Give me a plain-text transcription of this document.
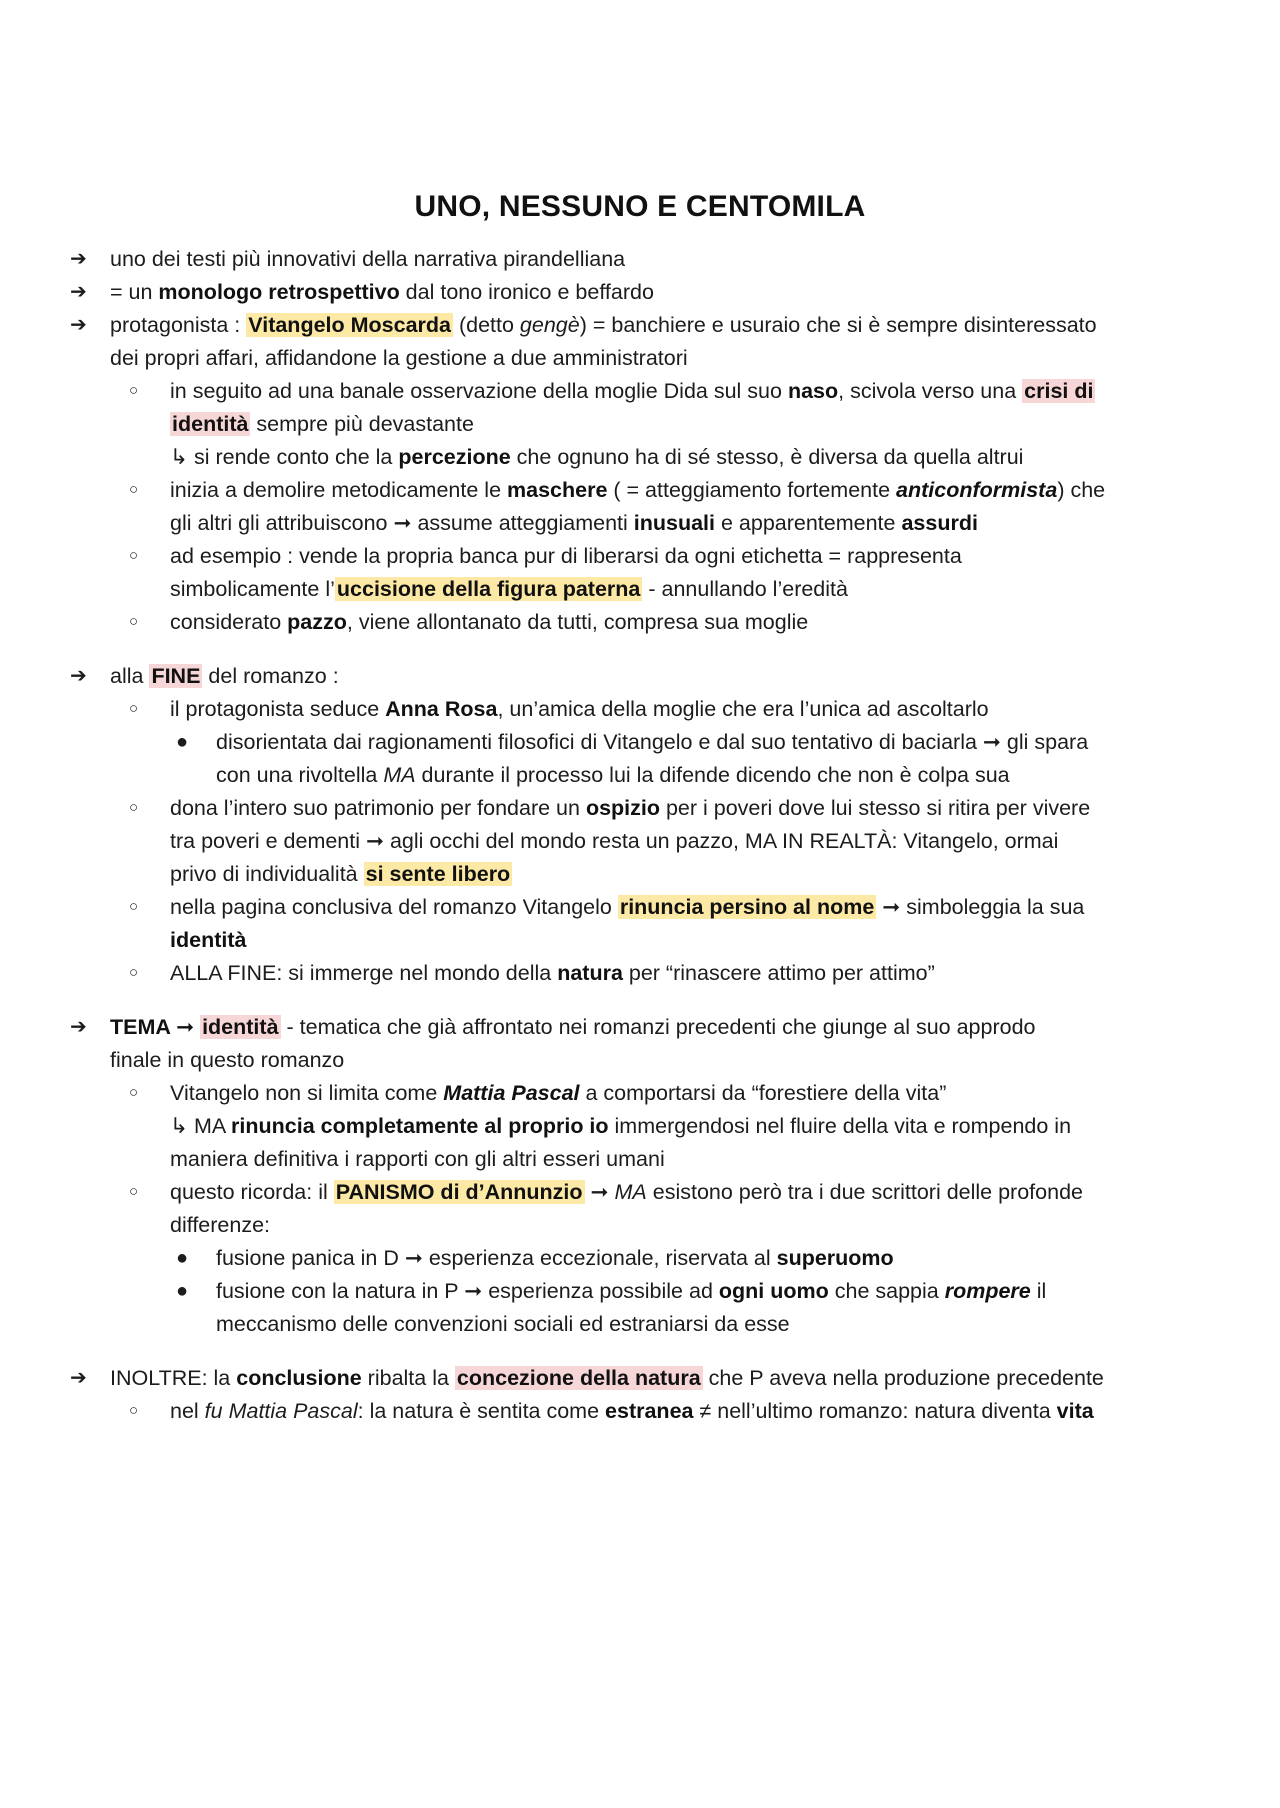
UNO, NESSUNO E CENTOMILA
➔ uno dei testi più innovativi della narrativa pirandelliana
➔ = un monologo retrospettivo dal tono ironico e beffardo
➔ protagonista : Vitangelo Moscarda (detto gengè) = banchiere e usuraio che si è sempre disinteressato
dei propri affari, affidandone la gestione a due amministratori
○ in seguito ad una banale osservazione della moglie Dida sul suo naso, scivola verso una crisi di
identità sempre più devastante
↳ si rende conto che la percezione che ognuno ha di sé stesso, è diversa da quella altrui
○ inizia a demolire metodicamente le maschere ( = atteggiamento fortemente anticonformista) che
gli altri gli attribuiscono ➞ assume atteggiamenti inusuali e apparentemente assurdi
○ ad esempio : vende la propria banca pur di liberarsi da ogni etichetta = rappresenta
simbolicamente l’uccisione della figura paterna - annullando l’eredità
○ considerato pazzo, viene allontanato da tutti, compresa sua moglie
➔ alla FINE del romanzo :
○ il protagonista seduce Anna Rosa, un’amica della moglie che era l’unica ad ascoltarlo
● disorientata dai ragionamenti filosofici di Vitangelo e dal suo tentativo di baciarla ➞ gli spara
con una rivoltella MA durante il processo lui la difende dicendo che non è colpa sua
○ dona l’intero suo patrimonio per fondare un ospizio per i poveri dove lui stesso si ritira per vivere
tra poveri e dementi ➞ agli occhi del mondo resta un pazzo, MA IN REALTÀ: Vitangelo, ormai
privo di individualità si sente libero
○ nella pagina conclusiva del romanzo Vitangelo rinuncia persino al nome ➞ simboleggia la sua
identità
○ ALLA FINE: si immerge nel mondo della natura per “rinascere attimo per attimo”
➔ TEMA ➞ identità - tematica che già affrontato nei romanzi precedenti che giunge al suo approdo
finale in questo romanzo
○ Vitangelo non si limita come Mattia Pascal a comportarsi da “forestiere della vita”
↳ MA rinuncia completamente al proprio io immergendosi nel fluire della vita e rompendo in
maniera definitiva i rapporti con gli altri esseri umani
○ questo ricorda: il PANISMO di d’Annunzio ➞ MA esistono però tra i due scrittori delle profonde
differenze:
● fusione panica in D ➞ esperienza eccezionale, riservata al superuomo
● fusione con la natura in P ➞ esperienza possibile ad ogni uomo che sappia rompere il
meccanismo delle convenzioni sociali ed estraniarsi da esse
➔ INOLTRE: la conclusione ribalta la concezione della natura che P aveva nella produzione precedente
○ nel fu Mattia Pascal: la natura è sentita come estranea ≠ nell’ultimo romanzo: natura diventa vita
